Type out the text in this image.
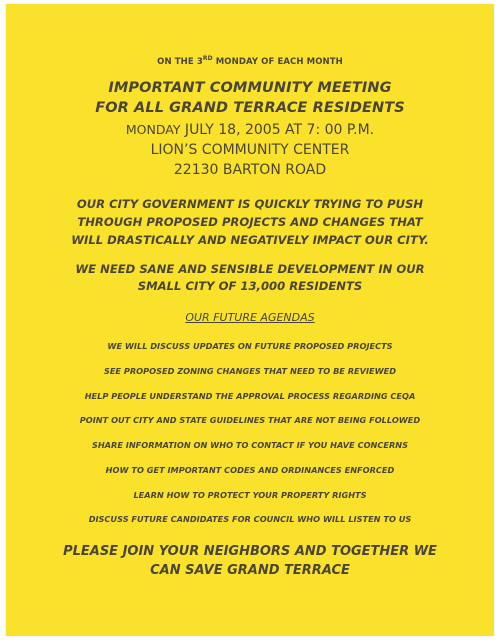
ON THE 3RD MONDAY OF EACH MONTH
IMPORTANT COMMUNITY MEETING
FOR ALL GRAND TERRACE RESIDENTS
MONDAY JULY 18, 2005 AT 7: 00 P.M.
LION’S COMMUNITY CENTER
22130 BARTON ROAD
OUR CITY GOVERNMENT IS QUICKLY TRYING TO PUSH
THROUGH PROPOSED PROJECTS AND CHANGES THAT
WILL DRASTICALLY AND NEGATIVELY IMPACT OUR CITY.
WE NEED SANE AND SENSIBLE DEVELOPMENT IN OUR
SMALL CITY OF 13,000 RESIDENTS
OUR FUTURE AGENDAS
WE WILL DISCUSS UPDATES ON FUTURE PROPOSED PROJECTS
SEE PROPOSED ZONING CHANGES THAT NEED TO BE REVIEWED
HELP PEOPLE UNDERSTAND THE APPROVAL PROCESS REGARDING CEQA
POINT OUT CITY AND STATE GUIDELINES THAT ARE NOT BEING FOLLOWED
SHARE INFORMATION ON WHO TO CONTACT IF YOU HAVE CONCERNS
HOW TO GET IMPORTANT CODES AND ORDINANCES ENFORCED
LEARN HOW TO PROTECT YOUR PROPERTY RIGHTS
DISCUSS FUTURE CANDIDATES FOR COUNCIL WHO WILL LISTEN TO US
PLEASE JOIN YOUR NEIGHBORS AND TOGETHER WE
CAN SAVE GRAND TERRACE
